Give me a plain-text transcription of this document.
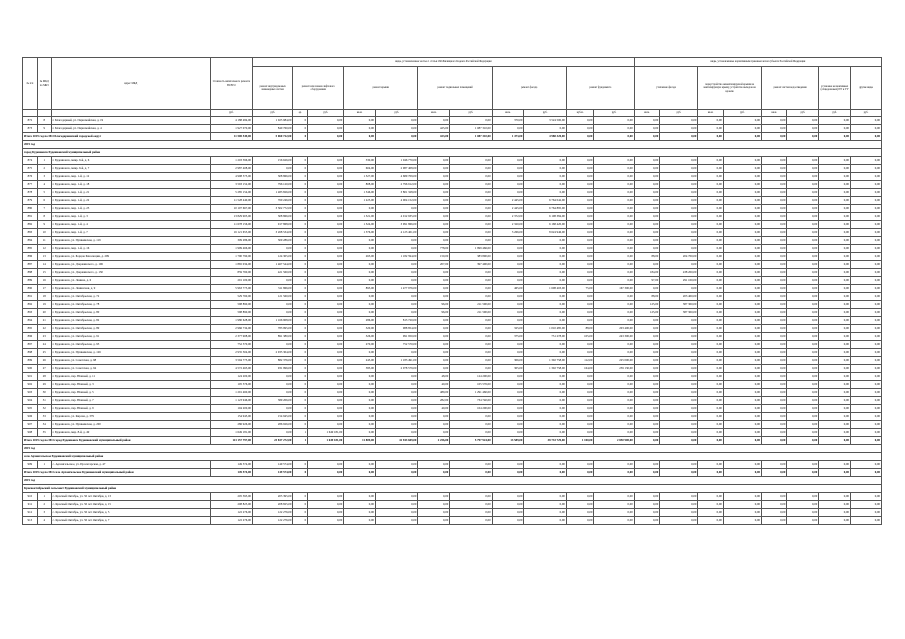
№ п/п	№ МКД по МКЗ	Адрес МКД	Стоимость капитального ремонта ВСЕГО	виды, установленные частью 1 статьи 166 Жилищного Кодекса Российской Федерации											виды, установленные нормативным правовым актом субъекта Российской Федерации							
				ремонт внутридомовых инженерных систем	ремонт или замена лифтового оборудования		ремонт крыши		ремонт подвальных помещений		ремонт фасада		ремонт фундамента		утепление фасада		переустройство невентилируемой крыши на вентилируемую крышу, устройство выходов на кровлю		ремонт систем водоотведения		установка коллективных (общедомовых) ПУ и УУ	другие виды
			руб.	руб.	ед.	руб.	кв.м.	руб.	кв.м.	руб.	кв.м.	руб.	куб.м.	руб.	кв.м.	руб.	кв.м.	руб.	кв.м.	руб.	руб.	руб.
872	8	г. Благодарный, ул. Первомайская, д. 19	4 188 484,00	1 025 984,00	0	0,00	0,00	0,00	0,00	0,00	370,00	3 524 500,00	0,00	0,00	0,00	0,00	0,00	0,00	0,00	0,00	0,00	0,00
873	9	г. Благодарный, ул. Первомайская, д. 4	1 927 070,00	840 760,00	0	0,00	0,00	0,00	425,00	1 087 310,00	0,00	0,00	0,00	0,00	0,00	0,00	0,00	0,00	0,00	0,00	0,00	0,00
Итого 2019 год по МО Благодарненский городской округ			11 500 549,00	5 060 722,00	0	0,00	0,00	0,00	423,00	1 087 310,00	1 473,00	4 988 320,00	0,00	0,00	0,00	0,00	0,00	0,00	0,00	0,00	0,00	0,00
2019 год																						
город Буденновск Буденновский муниципальный район																						
874	1	г. Буденновск, микр. 6-й, д. 6	1 203 396,00	156 626,00	0	0,00	330,00	1 046 770,00	0,00	0,00	0,00	0,00	0,00	0,00	0,00	0,00	0,00	0,00	0,00	0,00	0,00	0,00
875	2	г. Буденновск, микр. 6-й, д. 7	2 987 408,00	0,00	0	0,00	604,00	2 987 408,00	0,00	0,00	0,00	0,00	0,00	0,00	0,00	0,00	0,00	0,00	0,00	0,00	0,00	0,00
876	3	г. Буденновск, мкр. 1-й, д. 12	4 998 575,00	308 866,00	0	0,00	1 327,00	4 689 709,00	0,00	0,00	0,00	0,00	0,00	0,00	0,00	0,00	0,00	0,00	0,00	0,00	0,00	0,00
877	4	г. Буденновск, мкр. 1-й, д. 18	3 593 152,00	796 120,00	0	0,00	808,00	2 796 912,00	0,00	0,00	0,00	0,00	0,00	0,00	0,00	0,00	0,00	0,00	0,00	0,00	0,00	0,00
878	5	г. Буденновск, мкр. 1-й, д. 21	5 285 154,00	1 483 826,00	0	0,00	1 346,00	3 801 328,00	0,00	0,00	0,00	0,00	0,00	0,00	0,00	0,00	0,00	0,00	0,00	0,00	0,00	0,00
879	6	г. Буденновск, мкр. 1-й, д. 22	11 528 440,00	760 246,00	0	0,00	1 225,00	4 004 152,00	0,00	0,00	2 445,00	6 764 042,00	0,00	0,00	0,00	0,00	0,00	0,00	0,00	0,00	0,00	0,00
880	7	г. Буденновск, мкр. 1-й, д. 23	10 107 667,00	3 302 772,00	0	0,00	0,00	0,00	0,00	0,00	2 445,00	6 764 895,00	0,00	0,00	0,00	0,00	0,00	0,00	0,00	0,00	0,00	0,00
881	8	г. Буденновск, мкр. 1-й, д. 3	13 829 905,00	308 866,00	0	0,00	1 321,00	4 012 935,00	0,00	0,00	2 372,00	6 108 384,00	0,00	0,00	0,00	0,00	0,00	0,00	0,00	0,00	0,00	0,00
882	9	г. Буденновск, мкр. 1-й, д. 4	11 678 156,00	917 868,00	0	0,00	1 324,00	3 991 866,00	0,00	0,00	2 320,00	6 168 420,00	0,00	0,00	0,00	0,00	0,00	0,00	0,00	0,00	0,00	0,00
883	10	г. Буденновск, мкр. 1-й, д. 7	16 121 655,00	3 268 534,00	0	0,00	1 376,00	4 123 401,00	0,00	0,00	3 266,00	8 624 946,00	0,00	0,00	0,00	0,00	0,00	0,00	0,00	0,00	0,00	0,00
884	11	г. Буденновск, ул. Пушкинская, д. 119	309 286,00	309 286,00	0	0,00	0,00	0,00	0,00	0,00	0,00	0,00	0,00	0,00	0,00	0,00	0,00	0,00	0,00	0,00	0,00	0,00
885	12	г. Буденновск, мкр. 1-й, д. 16	1 999 466,00	0,00	0	0,00	0,00	0,00	778,00	1 999 466,00	0,00	0,00	0,00	0,00	0,00	0,00	0,00	0,00	0,00	0,00	0,00	0,00
886	13	г. Буденновск, ул. Борцов Революции, д. 299	1 790 790,00	124 305,00	0	0,00	263,00	1 182 594,00	150,00	383 890,00	0,00	0,00	0,00	0,00	88,00	204 700,00	0,00	0,00	0,00	0,00	0,00	0,00
887	14	г. Буденновск, ул. Дзержинского, д. 106	1 865 034,00	1 467 544,00	0	0,00	0,00	0,00	207,00	397 490,00	0,00	0,00	0,00	0,00	0,00	0,00	0,00	0,00	0,00	0,00	0,00	0,00
888	15	г. Буденновск, ул. Дзержинского, д. 130	859 760,00	421 560,00	0	0,00	0,00	0,00	0,00	0,00	0,00	0,00	0,00	0,00	184,00	438 200,00	0,00	0,00	0,00	0,00	0,00	0,00
889	16	г. Буденновск, ул. Ленина, д. 6	291 100,00	0,00	0	0,00	0,00	0,00	0,00	0,00	0,00	0,00	0,00	0,00	97,00	291 100,00	0,00	0,00	0,00	0,00	0,00	0,00
890	17	г. Буденновск, ул. Ленинская, д. 9	5 963 775,00	311 866,00	0	0,00	893,00	1 477 976,00	0,00	0,00	465,00	1 608 403,00	75,00	167 300,00	0,00	0,00	0,00	0,00	0,00	0,00	0,00	0,00
891	18	г. Буденновск, ул. Октябрьская, д. 72	529 760,00	121 560,00	0	0,00	0,00	0,00	0,00	0,00	0,00	0,00	0,00	0,00	88,00	203 400,00	0,00	0,00	0,00	0,00	0,00	0,00
892	19	г. Буденновск, ул. Октябрьская, д. 78	598 890,00	0,00	0	0,00	0,00	0,00	96,00	211 590,00	0,00	0,00	0,00	0,00	125,00	387 300,00	0,00	0,00	0,00	0,00	0,00	0,00
893	20	г. Буденновск, ул. Октябрьская, д. 80	598 890,00	0,00	0	0,00	0,00	0,00	96,00	211 590,00	0,00	0,00	0,00	0,00	125,00	387 300,00	0,00	0,00	0,00	0,00	0,00	0,00
894	21	г. Буденновск, ул. Октябрьская, д. 82	1 980 628,00	1 166 908,00	0	0,00	286,00	813 720,00	0,00	0,00	0,00	0,00	0,00	0,00	0,00	0,00	0,00	0,00	0,00	0,00	0,00	0,00
895	22	г. Буденновск, ул. Октябрьская, д. 89	2 966 734,00	783 995,00	0	0,00	320,00	988 854,00	0,00	0,00	325,00	1 010 485,00	88,00	203 400,00	0,00	0,00	0,00	0,00	0,00	0,00	0,00	0,00
896	23	г. Буденновск, ул. Октябрьская, д. 91	2 377 908,00	891 380,00	0	0,00	326,00	991 950,00	0,00	0,00	375,00	751 278,00	105,00	243 300,00	0,00	0,00	0,00	0,00	0,00	0,00	0,00	0,00
897	24	г. Буденновск, ул. Октябрьская, д. 93	752 570,00	0,00	0	0,00	270,00	752 570,00	0,00	0,00	0,00	0,00	0,00	0,00	0,00	0,00	0,00	0,00	0,00	0,00	0,00	0,00
898	25	г. Буденновск, ул. Пушкинская, д. 126	2 935 304,00	2 935 304,00	0	0,00	0,00	0,00	0,00	0,00	0,00	0,00	0,00	0,00	0,00	0,00	0,00	0,00	0,00	0,00	0,00	0,00
899	26	г. Буденновск, ул. Советская, д. 98	3 594 775,00	882 376,00	0	0,00	245,00	1 183 491,00	0,00	0,00	306,00	1 302 758,00	112,00	225 000,00	0,00	0,00	0,00	0,00	0,00	0,00	0,00	0,00
900	27	г. Буденновск, ул. Советская, д. 94	4 572 463,00	931 996,00	0	0,00	583,00	2 078 579,00	0,00	0,00	305,00	1 302 758,00	164,00	259 130,00	0,00	0,00	0,00	0,00	0,00	0,00	0,00	0,00
901	28	г. Буденновск, пер. Южный, д. 11	124 200,00	0,00	0	0,00	0,00	0,00	48,00	124 200,00	0,00	0,00	0,00	0,00	0,00	0,00	0,00	0,00	0,00	0,00	0,00	0,00
902	29	г. Буденновск, пер. Южный, д. 3	105 576,00	0,00	0	0,00	0,00	0,00	40,00	105 576,00	0,00	0,00	0,00	0,00	0,00	0,00	0,00	0,00	0,00	0,00	0,00	0,00
903	30	г. Буденновск, пер. Южный, д. 5	1 291 460,00	0,00	0	0,00	0,00	0,00	489,00	1 291 460,00	0,00	0,00	0,00	0,00	0,00	0,00	0,00	0,00	0,00	0,00	0,00	0,00
904	31	г. Буденновск, пер. Южный, д. 7	1 123 946,00	389 206,00	0	0,00	0,00	0,00	282,00	734 740,00	0,00	0,00	0,00	0,00	0,00	0,00	0,00	0,00	0,00	0,00	0,00	0,00
905	32	г. Буденновск, пер. Южный, д. 9	104 200,00	0,00	0	0,00	0,00	0,00	40,00	104 200,00	0,00	0,00	0,00	0,00	0,00	0,00	0,00	0,00	0,00	0,00	0,00	0,00
906	33	г. Буденновск, ул. Кирова, д. 379	154 945,00	154 945,00	0	0,00	0,00	0,00	0,00	0,00	0,00	0,00	0,00	0,00	0,00	0,00	0,00	0,00	0,00	0,00	0,00	0,00
907	34	г. Буденновск, ул. Пушкинская, д. 200	286 926,00	286 926,00	0	0,00	0,00	0,00	0,00	0,00	0,00	0,00	0,00	0,00	0,00	0,00	0,00	0,00	0,00	0,00	0,00	0,00
908	35	г. Буденновск, мкр. 8-й, д. 49	1 649 181,00	0,00	1	1 649 181,00	0,00	0,00	0,00	0,00	0,00	0,00	0,00	0,00	0,00	0,00	0,00	0,00	0,00	0,00	0,00	0,00
Итого 2019 год по МО город Буденновск Буденновский муниципальный район			113 157 797,00	23 837 272,00	1	1 649 181,00	11 809,00	41 943 609,00	2 256,00	5 797 924,00	13 589,00	38 733 729,00	1 100,00	2 850 900,00	0,00	0,00	0,00	0,00	0,00	0,00	0,00	0,00
2019 год																						
село Архангельское Буденновский муниципальный район																						
909	1	с. Архангельское, ул. Пролетарская, д. 47	149 574,00	149 574,00	0	0,00	0,00	0,00	0,00	0,00	0,00	0,00	0,00	0,00	0,00	0,00	0,00	0,00	0,00	0,00	0,00	0,00
Итого 2019 год по МО село Архангельское Буденновский муниципальный район			149 574,00	149 574,00	0	0,00	0,00	0,00	0,00	0,00	0,00	0,00	0,00	0,00	0,00	0,00	0,00	0,00	0,00	0,00	0,00	0,00
2019 год																						
Красноктябрьский сельсовет Буденновский муниципальный район																						
910	1	с. Красный Октябрь, ул. 50 лет Октября, д. 13	205 395,00	205 395,00	0	0,00	0,00	0,00	0,00	0,00	0,00	0,00	0,00	0,00	0,00	0,00	0,00	0,00	0,00	0,00	0,00	0,00
911	2	с. Красный Октябрь, ул. 50 лет Октября, д. 15	208 825,00	208 825,00	0	0,00	0,00	0,00	0,00	0,00	0,00	0,00	0,00	0,00	0,00	0,00	0,00	0,00	0,00	0,00	0,00	0,00
912	3	с. Красный Октябрь, ул. 50 лет Октября, д. 5	122 276,00	122 276,00	0	0,00	0,00	0,00	0,00	0,00	0,00	0,00	0,00	0,00	0,00	0,00	0,00	0,00	0,00	0,00	0,00	0,00
913	4	с. Красный Октябрь, ул. 50 лет Октября, д. 7	122 276,00	122 276,00	0	0,00	0,00	0,00	0,00	0,00	0,00	0,00	0,00	0,00	0,00	0,00	0,00	0,00	0,00	0,00	0,00	0,00
